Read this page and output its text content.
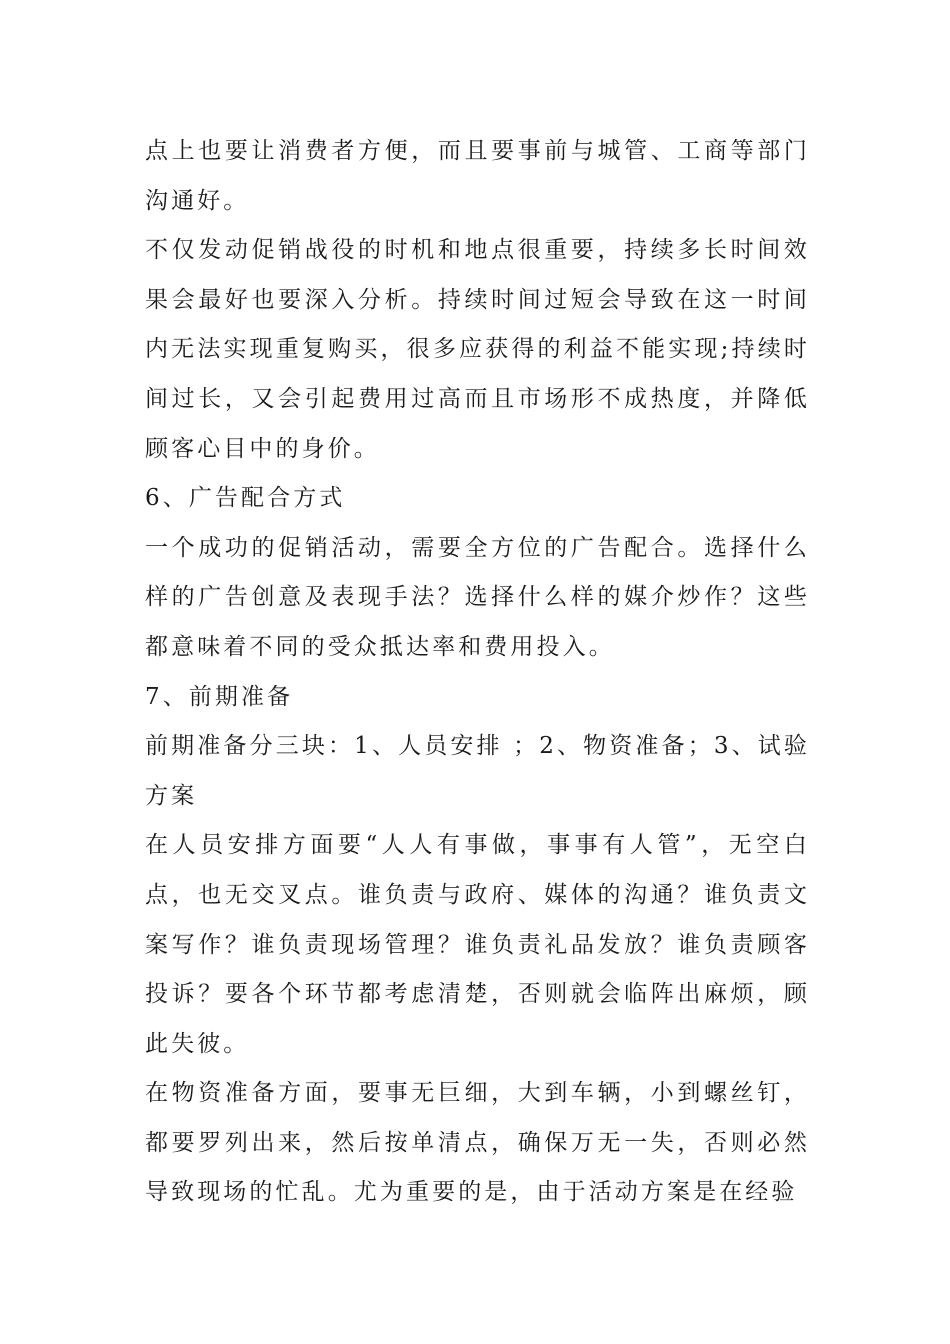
点上也要让消费者方便，而且要事前与城管、工商等部门沟通好。

不仅发动促销战役的时机和地点很重要，持续多长时间效果会最好也要深入分析。持续时间过短会导致在这一时间内无法实现重复购买，很多应获得的利益不能实现;持续时间过长，又会引起费用过高而且市场形不成热度，并降低顾客心目中的身价。

6、广告配合方式

一个成功的促销活动，需要全方位的广告配合。选择什么样的广告创意及表现手法？选择什么样的媒介炒作？这些都意味着不同的受众抵达率和费用投入。

7、前期准备

前期准备分三块：1、人员安排 ；2、物资准备；3、试验方案

在人员安排方面要“人人有事做，事事有人管”，无空白点，也无交叉点。谁负责与政府、媒体的沟通？谁负责文案写作？谁负责现场管理？谁负责礼品发放？谁负责顾客投诉？要各个环节都考虑清楚，否则就会临阵出麻烦，顾此失彼。

在物资准备方面，要事无巨细，大到车辆，小到螺丝钉，都要罗列出来，然后按单清点，确保万无一失，否则必然导致现场的忙乱。尤为重要的是，由于活动方案是在经验
